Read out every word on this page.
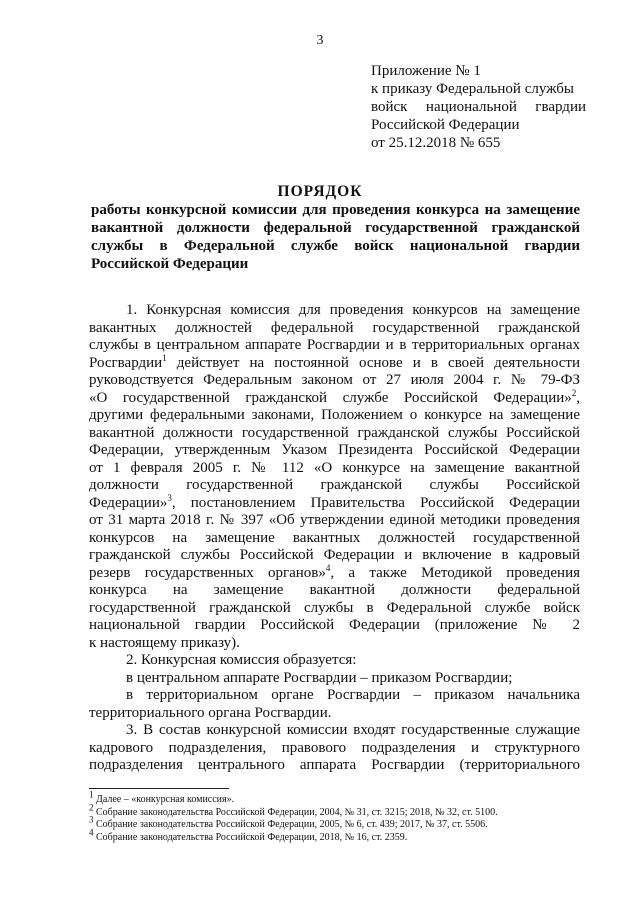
3
Приложение № 1
к приказу Федеральной службы
войск национальной гвардии
Российской Федерации
от 25.12.2018 № 655
ПОРЯДОК
работы конкурсной комиссии для проведения конкурса на замещение
вакантной должности федеральной государственной гражданской
службы в Федеральной службе войск национальной гвардии
Российской Федерации
1. Конкурсная комиссия для проведения конкурсов на замещение
вакантных должностей федеральной государственной гражданской
службы в центральном аппарате Росгвардии и в территориальных органах
Росгвардии$^1$ действует на постоянной основе и в своей деятельности
руководствуется Федеральным законом от 27 июля 2004 г. № 79-ФЗ
«О государственной гражданской службе Российской Федерации»$^2$,
другими федеральными законами, Положением о конкурсе на замещение
вакантной должности государственной гражданской службы Российской
Федерации, утвержденным Указом Президента Российской Федерации
от 1 февраля 2005 г. № 112 «О конкурсе на замещение вакантной
должности государственной гражданской службы Российской
Федерации»$^3$, постановлением Правительства Российской Федерации
от 31 марта 2018 г. № 397 «Об утверждении единой методики проведения
конкурсов на замещение вакантных должностей государственной
гражданской службы Российской Федерации и включение в кадровый
резерв государственных органов»$^4$, а также Методикой проведения
конкурса на замещение вакантной должности федеральной
государственной гражданской службы в Федеральной службе войск
национальной гвардии Российской Федерации (приложение № 2
к настоящему приказу).
2. Конкурсная комиссия образуется:
в центральном аппарате Росгвардии – приказом Росгвардии;
в территориальном органе Росгвардии – приказом начальника
территориального органа Росгвардии.
3. В состав конкурсной комиссии входят государственные служащие
кадрового подразделения, правового подразделения и структурного
подразделения центрального аппарата Росгвардии (территориального
$^1$ Далее – «конкурсная комиссия».
$^2$ Собрание законодательства Российской Федерации, 2004, № 31, ст. 3215; 2018, № 32, ст. 5100.
$^3$ Собрание законодательства Российской Федерации, 2005, № 6, ст. 439; 2017, № 37, ст. 5506.
$^4$ Собрание законодательства Российской Федерации, 2018, № 16, ст. 2359.
